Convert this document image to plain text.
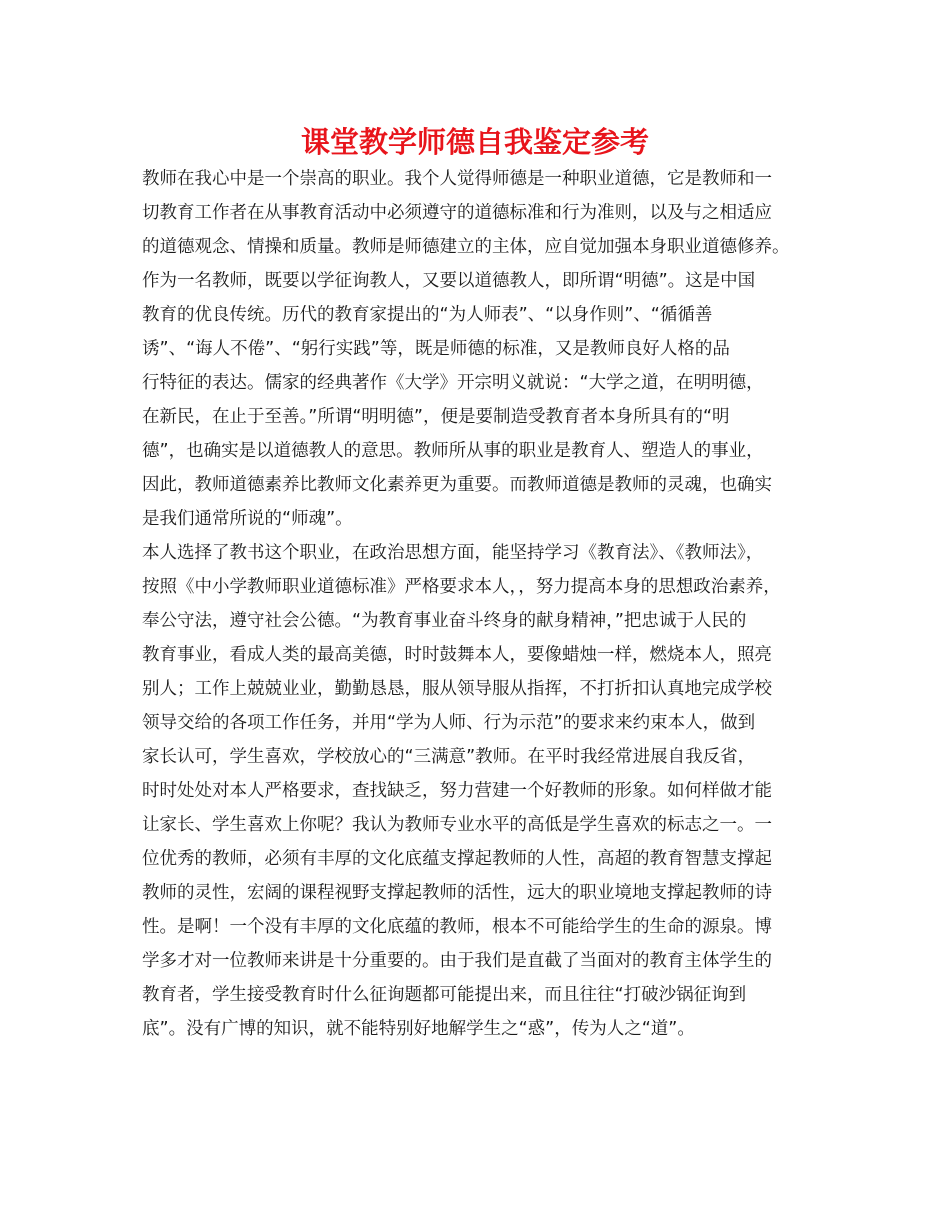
课堂教学师德自我鉴定参考
教师在我心中是一个崇高的职业。我个人觉得师德是一种职业道德，它是教师和一
切教育工作者在从事教育活动中必须遵守的道德标准和行为准则，以及与之相适应
的道德观念、情操和质量。教师是师德建立的主体，应自觉加强本身职业道德修养。
作为一名教师，既要以学征询教人，又要以道德教人，即所谓“明德”。这是中国
教育的优良传统。历代的教育家提出的“为人师表”、“以身作则”、“循循善
诱”、“诲人不倦”、“躬行实践”等，既是师德的标准，又是教师良好人格的品
行特征的表达。儒家的经典著作《大学》开宗明义就说：“大学之道，在明明德，
在新民，在止于至善。”所谓“明明德”，便是要制造受教育者本身所具有的“明
德”，也确实是以道德教人的意思。教师所从事的职业是教育人、塑造人的事业，
因此，教师道德素养比教师文化素养更为重要。而教师道德是教师的灵魂，也确实
是我们通常所说的“师魂”。
本人选择了教书这个职业，在政治思想方面，能坚持学习《教育法》、《教师法》，
按照《中小学教师职业道德标准》严格要求本人，，努力提高本身的思想政治素养，
奉公守法，遵守社会公德。“为教育事业奋斗终身的献身精神，”把忠诚于人民的
教育事业，看成人类的最高美德，时时鼓舞本人，要像蜡烛一样，燃烧本人，照亮
别人；工作上兢兢业业，勤勤恳恳，服从领导服从指挥，不打折扣认真地完成学校
领导交给的各项工作任务，并用“学为人师、行为示范”的要求来约束本人，做到
家长认可，学生喜欢，学校放心的“三满意”教师。在平时我经常进展自我反省，
时时处处对本人严格要求，查找缺乏，努力营建一个好教师的形象。如何样做才能
让家长、学生喜欢上你呢？我认为教师专业水平的高低是学生喜欢的标志之一。一
位优秀的教师，必须有丰厚的文化底蕴支撑起教师的人性，高超的教育智慧支撑起
教师的灵性，宏阔的课程视野支撑起教师的活性，远大的职业境地支撑起教师的诗
性。是啊！一个没有丰厚的文化底蕴的教师，根本不可能给学生的生命的源泉。博
学多才对一位教师来讲是十分重要的。由于我们是直截了当面对的教育主体学生的
教育者，学生接受教育时什么征询题都可能提出来，而且往往“打破沙锅征询到
底”。没有广博的知识，就不能特别好地解学生之“惑”，传为人之“道”。
